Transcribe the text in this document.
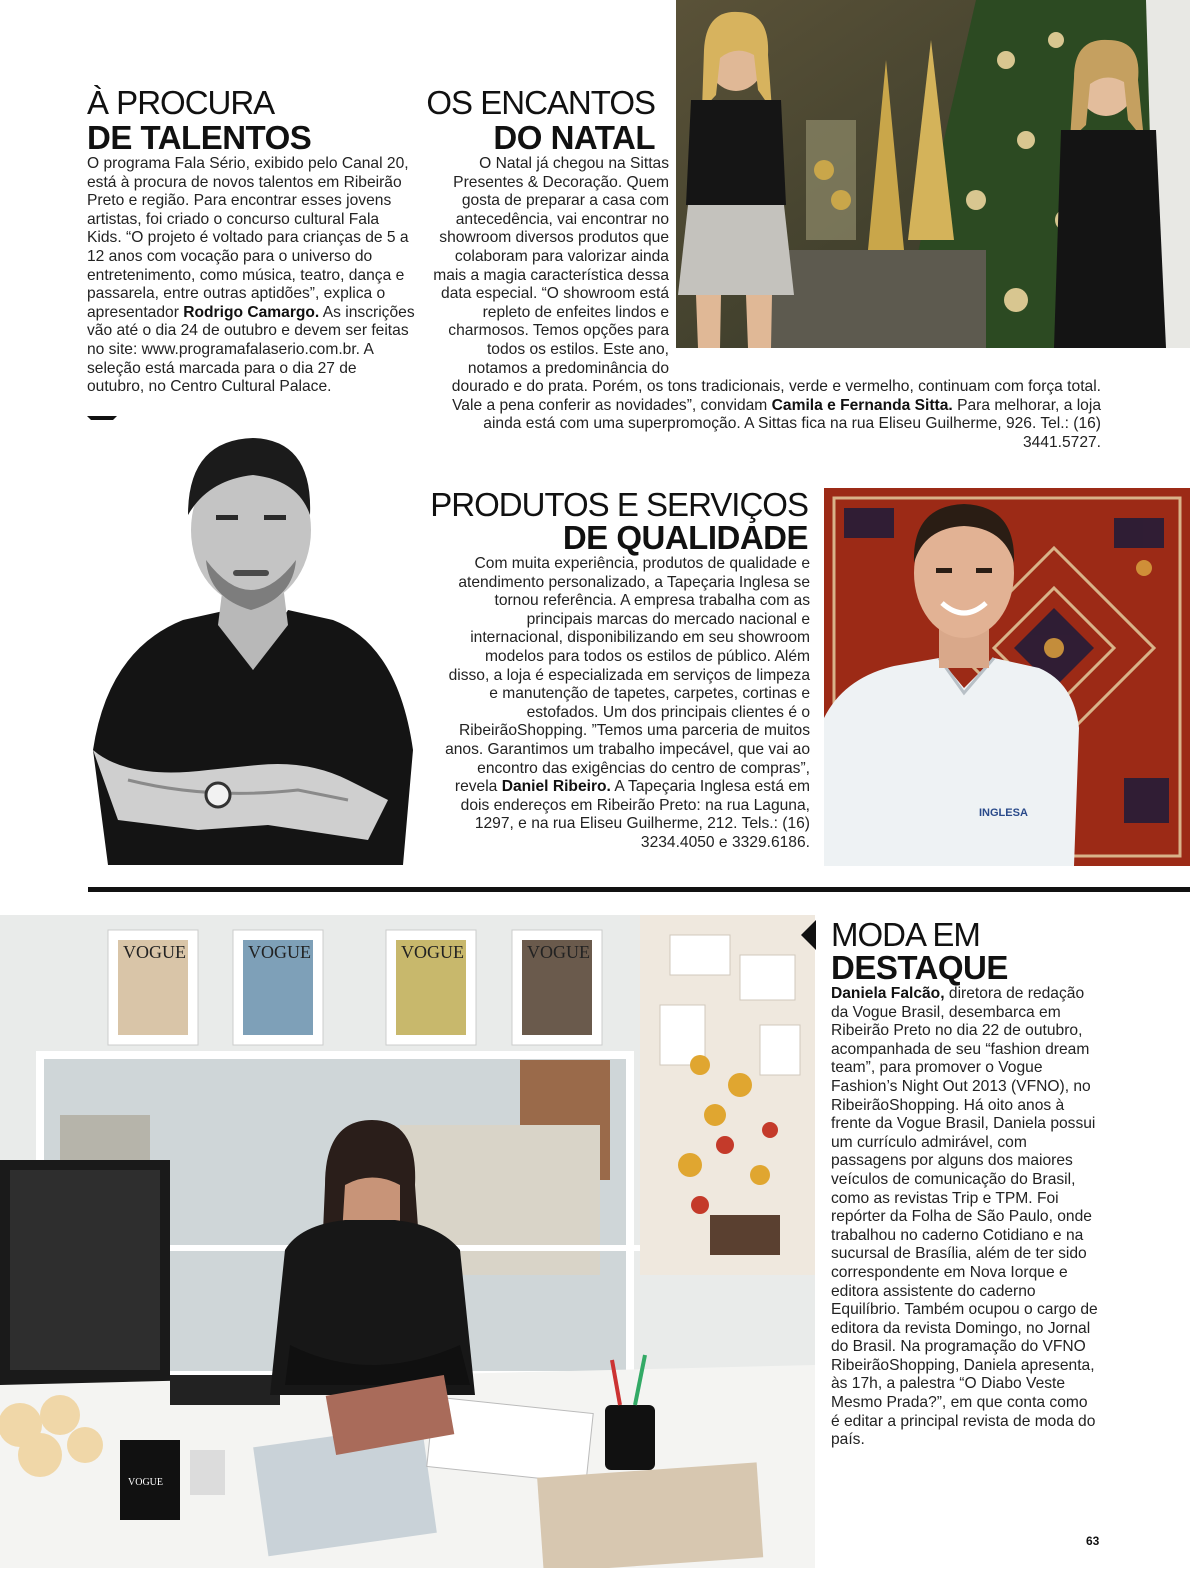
À PROCURA
DE TALENTOS
O programa Fala Sério, exibido pelo Canal 20, está à procura de novos talentos em Ribeirão Preto e região. Para encontrar esses jovens artistas, foi criado o concurso cultural Fala Kids. “O projeto é voltado para crianças de 5 a 12 anos com vocação para o universo do entretenimento, como música, teatro, dança e passarela, entre outras aptidões”, explica o apresentador Rodrigo Camargo. As inscrições vão até o dia 24 de outubro e devem ser feitas no site: www.programafalaserio.com.br. A seleção está marcada para o dia 27 de outubro, no Centro Cultural Palace.
OS ENCANTOS
DO NATAL
O Natal já chegou na Sittas Presentes & Decoração. Quem gosta de preparar a casa com antecedência, vai encontrar no showroom diversos produtos que colaboram para valorizar ainda mais a magia característica dessa data especial. “O showroom está repleto de enfeites lindos e charmosos. Temos opções para todos os estilos. Este ano, notamos a predominância do dourado e do prata. Porém, os tons tradicionais, verde e vermelho, continuam com força total. Vale a pena conferir as novidades”, convidam Camila e Fernanda Sitta. Para melhorar, a loja ainda está com uma superpromoção. A Sittas fica na rua Eliseu Guilherme, 926. Tel.: (16) 3441.5727.
PRODUTOS E SERVIÇOS
DE QUALIDADE
Com muita experiência, produtos de qualidade e atendimento personalizado, a Tapeçaria Inglesa se tornou referência. A empresa trabalha com as principais marcas do mercado nacional e internacional, disponibilizando em seu showroom modelos para todos os estilos de público. Além disso, a loja é especializada em serviços de limpeza e manutenção de tapetes, carpetes, cortinas e estofados. Um dos principais clientes é o RibeirãoShopping. ”Temos uma parceria de muitos anos. Garantimos um trabalho impecável, que vai ao encontro das exigências do centro de compras”, revela Daniel Ribeiro. A Tapeçaria Inglesa está em dois endereços em Ribeirão Preto: na rua Laguna, 1297, e na rua Eliseu Guilherme, 212. Tels.: (16) 3234.4050 e 3329.6186.
INGLESA
VOGUE	VOGUE	VOGUE	VOGUE
VOGUE
MODA EM
DESTAQUE
Daniela Falcão, diretora de redação da Vogue Brasil, desembarca em Ribeirão Preto no dia 22 de outubro, acompanhada de seu “fashion dream team”, para promover o Vogue Fashion’s Night Out 2013 (VFNO), no RibeirãoShopping. Há oito anos à frente da Vogue Brasil, Daniela possui um currículo admirável, com passagens por alguns dos maiores veículos de comunicação do Brasil, como as revistas Trip e TPM. Foi repórter da Folha de São Paulo, onde trabalhou no caderno Cotidiano e na sucursal de Brasília, além de ter sido correspondente em Nova Iorque e editora assistente do caderno Equilíbrio. Também ocupou o cargo de editora da revista Domingo, no Jornal do Brasil. Na programação do VFNO RibeirãoShopping, Daniela apresenta, às 17h, a palestra “O Diabo Veste Mesmo Prada?”, em que conta como é editar a principal revista de moda do país.
63
